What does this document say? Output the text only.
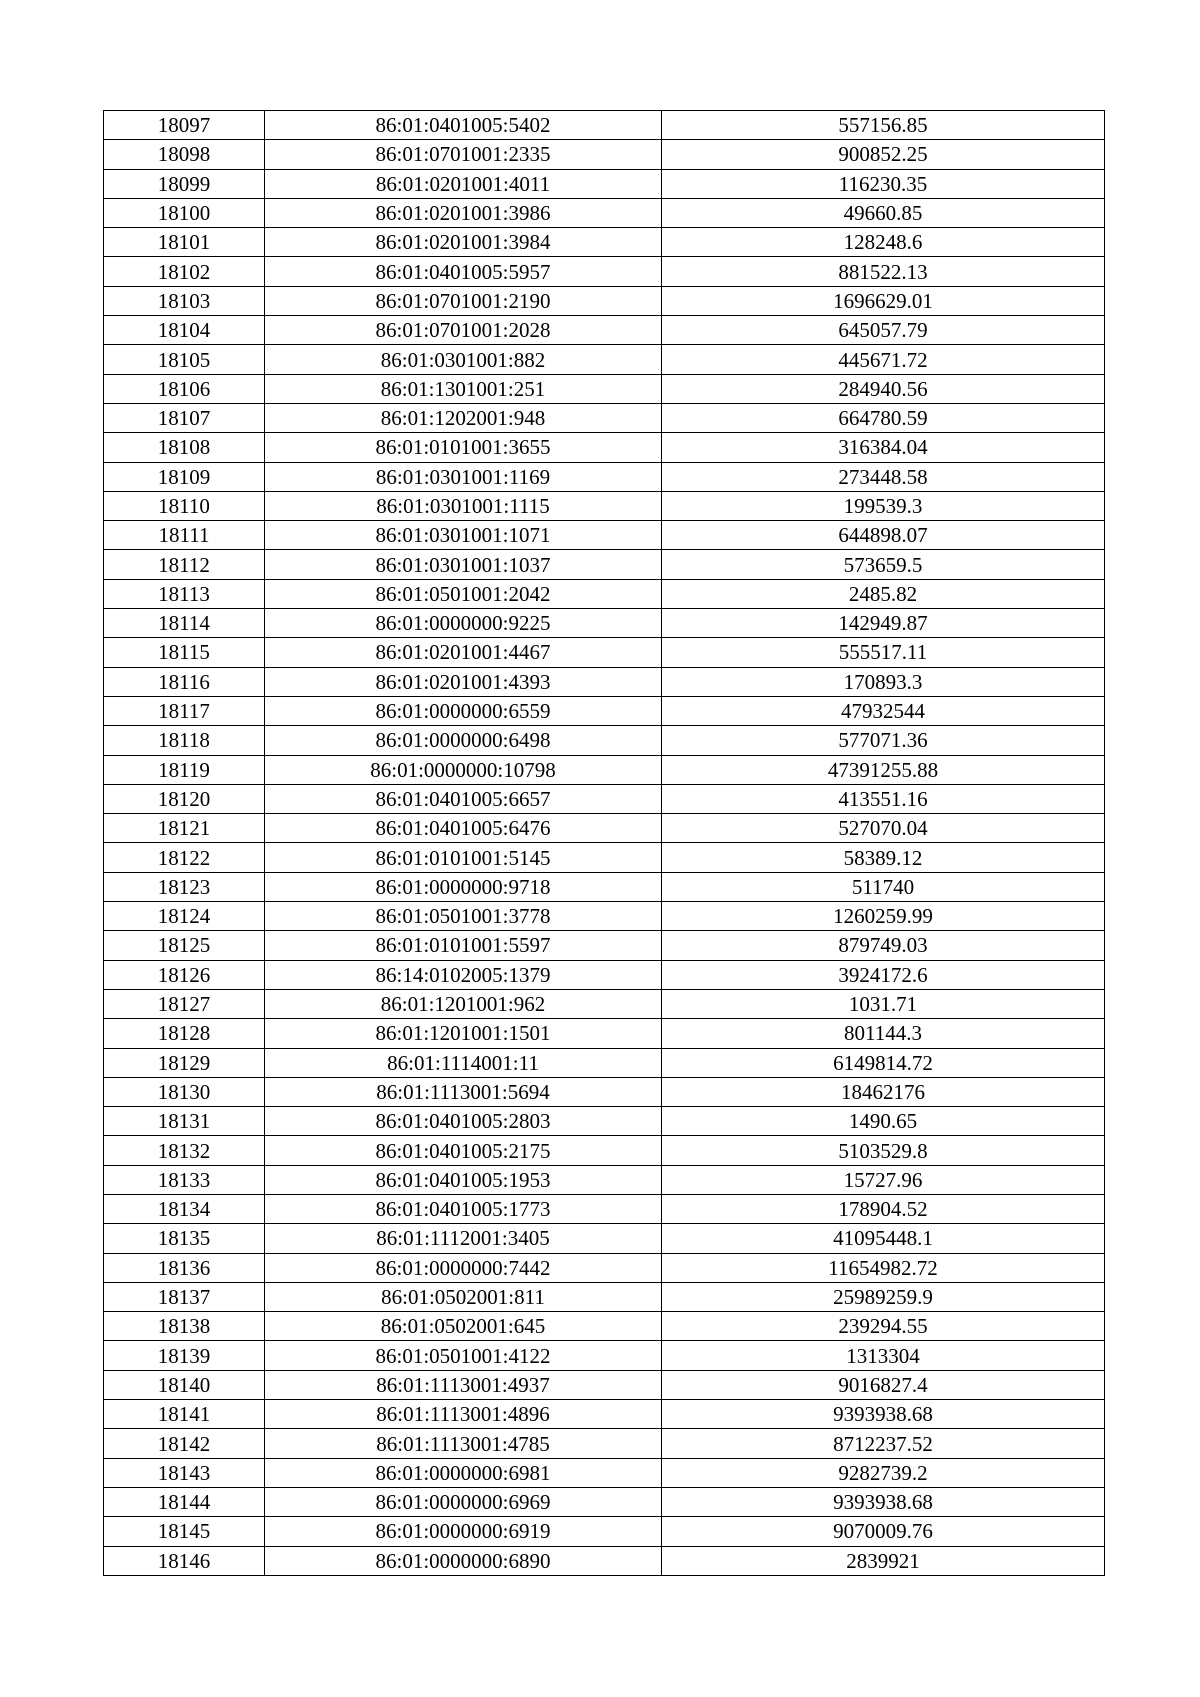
18097	86:01:0401005:5402	557156.85
18098	86:01:0701001:2335	900852.25
18099	86:01:0201001:4011	116230.35
18100	86:01:0201001:3986	49660.85
18101	86:01:0201001:3984	128248.6
18102	86:01:0401005:5957	881522.13
18103	86:01:0701001:2190	1696629.01
18104	86:01:0701001:2028	645057.79
18105	86:01:0301001:882	445671.72
18106	86:01:1301001:251	284940.56
18107	86:01:1202001:948	664780.59
18108	86:01:0101001:3655	316384.04
18109	86:01:0301001:1169	273448.58
18110	86:01:0301001:1115	199539.3
18111	86:01:0301001:1071	644898.07
18112	86:01:0301001:1037	573659.5
18113	86:01:0501001:2042	2485.82
18114	86:01:0000000:9225	142949.87
18115	86:01:0201001:4467	555517.11
18116	86:01:0201001:4393	170893.3
18117	86:01:0000000:6559	47932544
18118	86:01:0000000:6498	577071.36
18119	86:01:0000000:10798	47391255.88
18120	86:01:0401005:6657	413551.16
18121	86:01:0401005:6476	527070.04
18122	86:01:0101001:5145	58389.12
18123	86:01:0000000:9718	511740
18124	86:01:0501001:3778	1260259.99
18125	86:01:0101001:5597	879749.03
18126	86:14:0102005:1379	3924172.6
18127	86:01:1201001:962	1031.71
18128	86:01:1201001:1501	801144.3
18129	86:01:1114001:11	6149814.72
18130	86:01:1113001:5694	18462176
18131	86:01:0401005:2803	1490.65
18132	86:01:0401005:2175	5103529.8
18133	86:01:0401005:1953	15727.96
18134	86:01:0401005:1773	178904.52
18135	86:01:1112001:3405	41095448.1
18136	86:01:0000000:7442	11654982.72
18137	86:01:0502001:811	25989259.9
18138	86:01:0502001:645	239294.55
18139	86:01:0501001:4122	1313304
18140	86:01:1113001:4937	9016827.4
18141	86:01:1113001:4896	9393938.68
18142	86:01:1113001:4785	8712237.52
18143	86:01:0000000:6981	9282739.2
18144	86:01:0000000:6969	9393938.68
18145	86:01:0000000:6919	9070009.76
18146	86:01:0000000:6890	2839921
